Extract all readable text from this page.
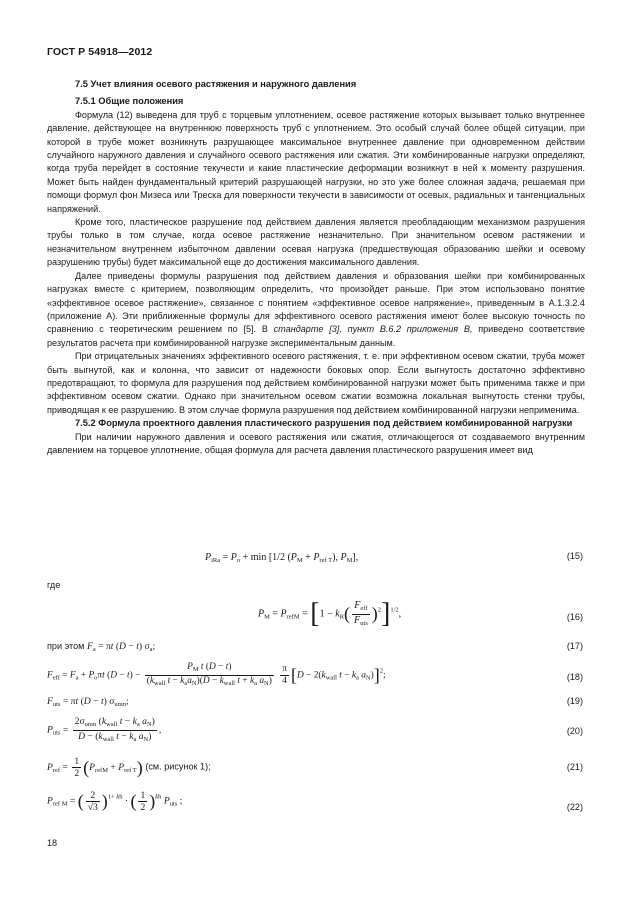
ГОСТ Р 54918—2012

7.5 Учет влияния осевого растяжения и наружного давления

7.5.1 Общие положения

Формула (12) выведена для труб с торцевым уплотнением, осевое растяжение которых вызывает только внутреннее давление, действующее на внутреннюю поверхность труб с уплотнением. Это особый случай более общей ситуации, при которой в трубе может возникнуть разрушающее максимальное внутреннее давление при одновременном действии случайного наружного давления и случайного осевого растяжения или сжатия. Эти комбинированные нагрузки определяют, когда труба перейдет в состояние текучести и какие пластические деформации возникнут в ней к моменту разрушения. Может быть найден фундаментальный критерий разрушающей нагрузки, но это уже более сложная задача, решаемая при помощи формул фон Мизеса или Треска для поверхности текучести в зависимости от осевых, радиальных и тангенциальных напряжений.

Кроме того, пластическое разрушение под действием давления является преобладающим механизмом разрушения трубы только в том случае, когда осевое растяжение незначительно. При значительном осевом растяжении и незначительном внутреннем избыточном давлении осевая нагрузка (предшествующая образованию шейки и осевому разрушению трубы) будет максимальной еще до достижения максимального давления.

Далее приведены формулы разрушения под действием давления и образования шейки при комбинированных нагрузках вместе с критерием, позволяющим определить, что произойдет раньше. При этом использовано понятие «эффективное осевое растяжение», связанное с понятием «эффективное осевое напряжение», приведенным в А.1.3.2.4 (приложение А). Эти приближенные формулы для эффективного осевого растяжения имеют более высокую точность по сравнению с теоретическим решением по [5]. В стандарте [3], пункт В.6.2 приложения В, приведено соответствие результатов расчета при комбинированной нагрузке экспериментальным данным.

При отрицательных значениях эффективного осевого растяжения, т. е. при эффективном осевом сжатии, труба может быть выгнутой, как и колонна, что зависит от надежности боковых опор. Если выгнутость достаточно эффективно предотвращают, то формула для разрушения под действием комбинированной нагрузки может быть применима также и при эффективном осевом сжатии. Однако при значительном осевом сжатии возможна локальная выгнутость стенки трубы, приводящая к ее разрушению. В этом случае формула разрушения под действием комбинированной нагрузки неприменима.

7.5.2 Формула проектного давления пластического разрушения под действием комбинированной нагрузки

При наличии наружного давления и осевого растяжения или сжатия, отличающегося от создаваемого внутренним давлением на торцевое уплотнение, общая формула для расчета давления пластического разрушения имеет вид

$P_{iRa} = P_o + \min [1/2$ $(P_M + P_{ref T})$, $P_M$],	(15)
где
$P_M = P_{refM} = [1 - k_R( \frac{F_{eff}}{F_{uts}} )^2]^{1/2}$,	(16)
при этом $F_a = \pi t$ (D − t) $\sigma_a$;	(17)
$F_{eff} = F_a + P_o\pi t$ $(D - t) - \frac{P_M t (D - t)}{(k_{wall} t - k_aa_N)(D - k_{wall} t + k_a a_N)}$
$\frac{\pi}{4} [D - 2(k_{wall}$ $t - k_a$ $a_N)]^2$;	(18)
$F_{uts} = \pi t$ (D − t) $\sigma_{umn}$;	(19)
$P_{uts} = \frac{2\sigma_{umn} (k_{wall} t - k_a a_N)}{D - (k_{wall} t - k_a a_N)}$ ,	(20)
$P_{ref} = \frac{1}{2} (P_{refM} + P_{ref T})$ (см. рисунок 1);	(21)
$P_{ref M}$ = ( $\frac{2}{√3} )^{1+ kh}$ · ( $\frac{1}{2} )^{kh}$ $P_{uts}$ ;
(22)
18
